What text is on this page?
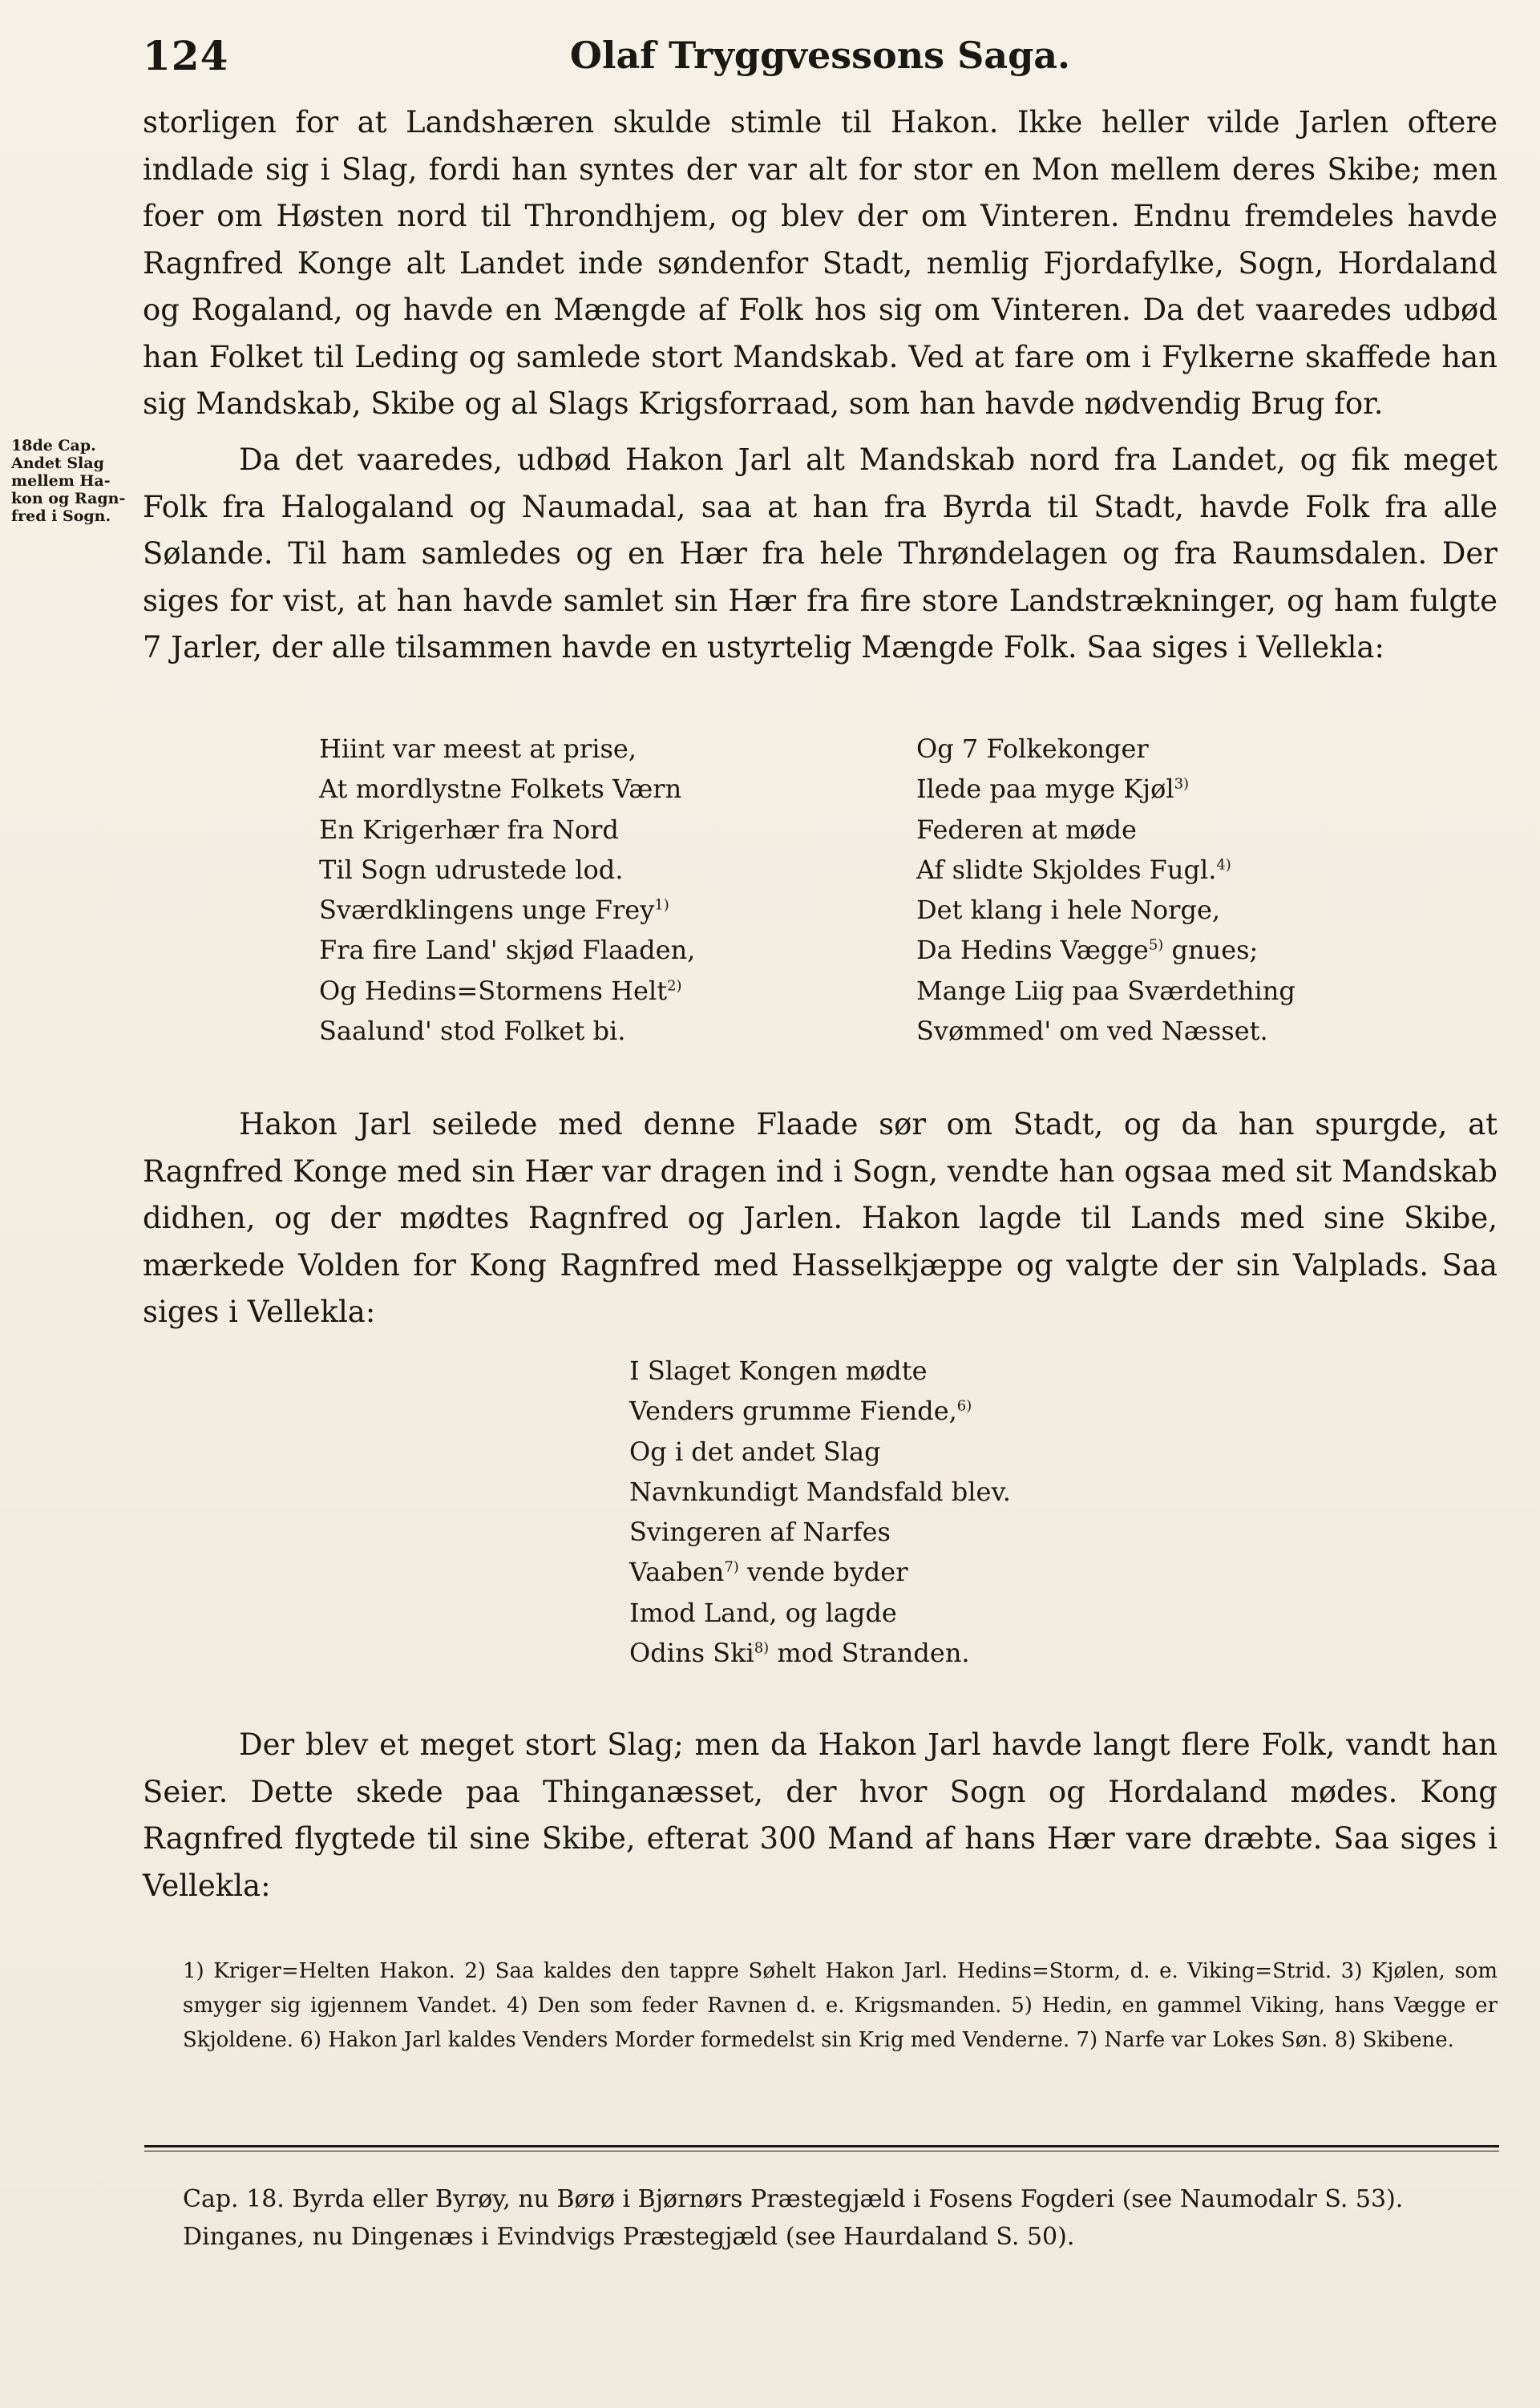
124	Olaf Tryggvessons Saga.

storligen for at Landshæren skulde stimle til Hakon. Ikke heller vilde Jarlen oftere indlade sig i Slag, fordi han syntes der var alt for stor en Mon mellem deres Skibe; men foer om Høsten nord til Throndhjem, og blev der om Vinteren. Endnu fremdeles havde Ragnfred Konge alt Landet inde søndenfor Stadt, nemlig Fjordafylke, Sogn, Hordaland og Rogaland, og havde en Mængde af Folk hos sig om Vinteren. Da det vaaredes udbød han Folket til Leding og samlede stort Mandskab. Ved at fare om i Fylkerne skaffede han sig Mandskab, Skibe og al Slags Krigsforraad, som han havde nødvendig Brug for.

18de Cap.
Andet Slag
mellem Ha-
kon og Ragn-
fred i Sogn.

Da det vaaredes, udbød Hakon Jarl alt Mandskab nord fra Landet, og fik meget Folk fra Halogaland og Naumadal, saa at han fra Byrda til Stadt, havde Folk fra alle Sølande. Til ham samledes og en Hær fra hele Thrøndelagen og fra Raumsdalen. Der siges for vist, at han havde samlet sin Hær fra fire store Landstrækninger, og ham fulgte 7 Jarler, der alle tilsammen havde en ustyrtelig Mængde Folk. Saa siges i Vellekla:

Hiint var meest at prise,
At mordlystne Folkets Værn
En Krigerhær fra Nord
Til Sogn udrustede lod.
Sværdklingens unge Frey$^{1)}$
Fra fire Land' skjød Flaaden,
Og Hedins=Stormens Helt$^{2)}$
Saalund' stod Folket bi.
Og 7 Folkekonger
Ilede paa myge Kjøl$^{3)}$
Federen at møde
Af slidte Skjoldes Fugl.$^{4)}$
Det klang i hele Norge,
Da Hedins Vægge$^{5)}$ gnues;
Mange Liig paa Sværdething
Svømmed' om ved Næsset.

Hakon Jarl seilede med denne Flaade sør om Stadt, og da han spurgde, at Ragnfred Konge med sin Hær var dragen ind i Sogn, vendte han ogsaa med sit Mandskab didhen, og der mødtes Ragnfred og Jarlen. Hakon lagde til Lands med sine Skibe, mærkede Volden for Kong Ragnfred med Hasselkjæppe og valgte der sin Valplads. Saa siges i Vellekla:

I Slaget Kongen mødte
Venders grumme Fiende,$^{6)}$
Og i det andet Slag
Navnkundigt Mandsfald blev.
Svingeren af Narfes
Vaaben$^{7)}$ vende byder
Imod Land, og lagde
Odins Ski$^{8)}$ mod Stranden.

Der blev et meget stort Slag; men da Hakon Jarl havde langt flere Folk, vandt han Seier. Dette skede paa Thinganæsset, der hvor Sogn og Hordaland mødes. Kong Ragnfred flygtede til sine Skibe, efterat 300 Mand af hans Hær vare dræbte. Saa siges i Vellekla:

1) Kriger=Helten Hakon. 2) Saa kaldes den tappre Søhelt Hakon Jarl. Hedins=Storm, d. e. Viking=Strid. 3) Kjølen, som smyger sig igjennem Vandet. 4) Den som feder Ravnen d. e. Krigsmanden. 5) Hedin, en gammel Viking, hans Vægge er Skjoldene. 6) Hakon Jarl kaldes Venders Morder formedelst sin Krig med Venderne. 7) Narfe var Lokes Søn. 8) Skibene.

Cap. 18. Byrda eller Byrøy, nu Børø i Bjørnørs Præstegjæld i Fosens Fogderi (see Naumodalr S. 53).

Dinganes, nu Dingenæs i Evindvigs Præstegjæld (see Haurdaland S. 50).
